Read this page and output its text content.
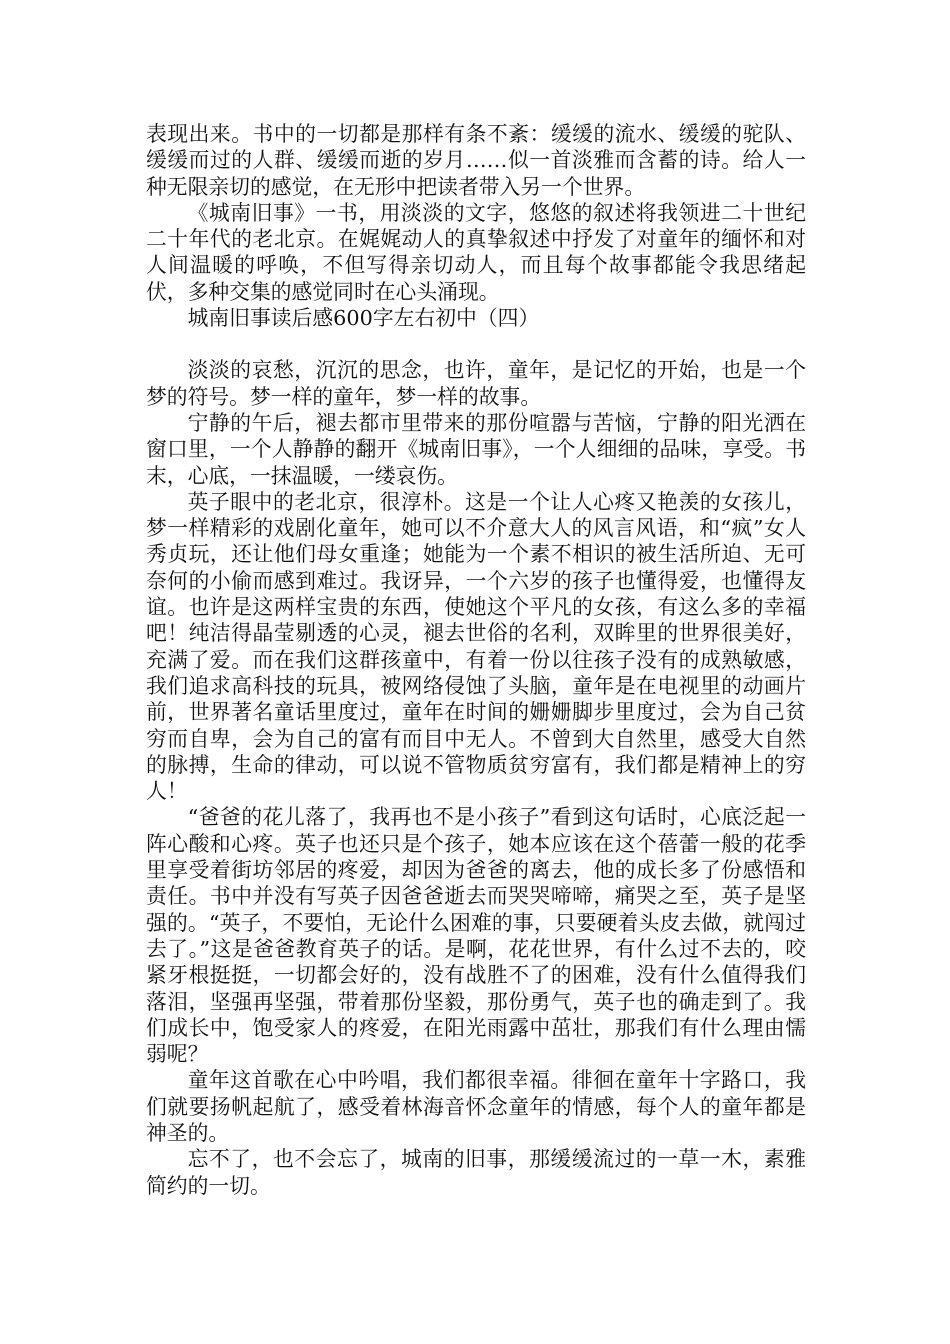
表现出来。书中的一切都是那样有条不紊：缓缓的流水、缓缓的驼队、缓缓而过的人群、缓缓而逝的岁月……似一首淡雅而含蓄的诗。给人一种无限亲切的感觉，在无形中把读者带入另一个世界。

《城南旧事》一书，用淡淡的文字，悠悠的叙述将我领进二十世纪二十年代的老北京。在娓娓动人的真挚叙述中抒发了对童年的缅怀和对人间温暖的呼唤，不但写得亲切动人，而且每个故事都能令我思绪起伏，多种交集的感觉同时在心头涌现。

城南旧事读后感600字左右初中（四）

淡淡的哀愁，沉沉的思念，也许，童年，是记忆的开始，也是一个梦的符号。梦一样的童年，梦一样的故事。

宁静的午后，褪去都市里带来的那份喧嚣与苦恼，宁静的阳光洒在窗口里，一个人静静的翻开《城南旧事》，一个人细细的品味，享受。书末，心底，一抹温暖，一缕哀伤。

英子眼中的老北京，很淳朴。这是一个让人心疼又艳羡的女孩儿，梦一样精彩的戏剧化童年，她可以不介意大人的风言风语，和“疯”女人秀贞玩，还让他们母女重逢；她能为一个素不相识的被生活所迫、无可奈何的小偷而感到难过。我讶异，一个六岁的孩子也懂得爱，也懂得友谊。也许是这两样宝贵的东西，使她这个平凡的女孩，有这么多的幸福吧！纯洁得晶莹剔透的心灵，褪去世俗的名利，双眸里的世界很美好，充满了爱。而在我们这群孩童中，有着一份以往孩子没有的成熟敏感，我们追求高科技的玩具，被网络侵蚀了头脑，童年是在电视里的动画片前，世界著名童话里度过，童年在时间的姗姗脚步里度过，会为自己贫穷而自卑，会为自己的富有而目中无人。不曾到大自然里，感受大自然的脉搏，生命的律动，可以说不管物质贫穷富有，我们都是精神上的穷人！

“爸爸的花儿落了，我再也不是小孩子”看到这句话时，心底泛起一阵心酸和心疼。英子也还只是个孩子，她本应该在这个蓓蕾一般的花季里享受着街坊邻居的疼爱，却因为爸爸的离去，他的成长多了份感悟和责任。书中并没有写英子因爸爸逝去而哭哭啼啼，痛哭之至，英子是坚强的。“英子，不要怕，无论什么困难的事，只要硬着头皮去做，就闯过去了。”这是爸爸教育英子的话。是啊，花花世界，有什么过不去的，咬紧牙根挺挺，一切都会好的，没有战胜不了的困难，没有什么值得我们落泪，坚强再坚强，带着那份坚毅，那份勇气，英子也的确走到了。我们成长中，饱受家人的疼爱，在阳光雨露中茁壮，那我们有什么理由懦弱呢？

童年这首歌在心中吟唱，我们都很幸福。徘徊在童年十字路口，我们就要扬帆起航了，感受着林海音怀念童年的情感，每个人的童年都是神圣的。

忘不了，也不会忘了，城南的旧事，那缓缓流过的一草一木，素雅简约的一切。
